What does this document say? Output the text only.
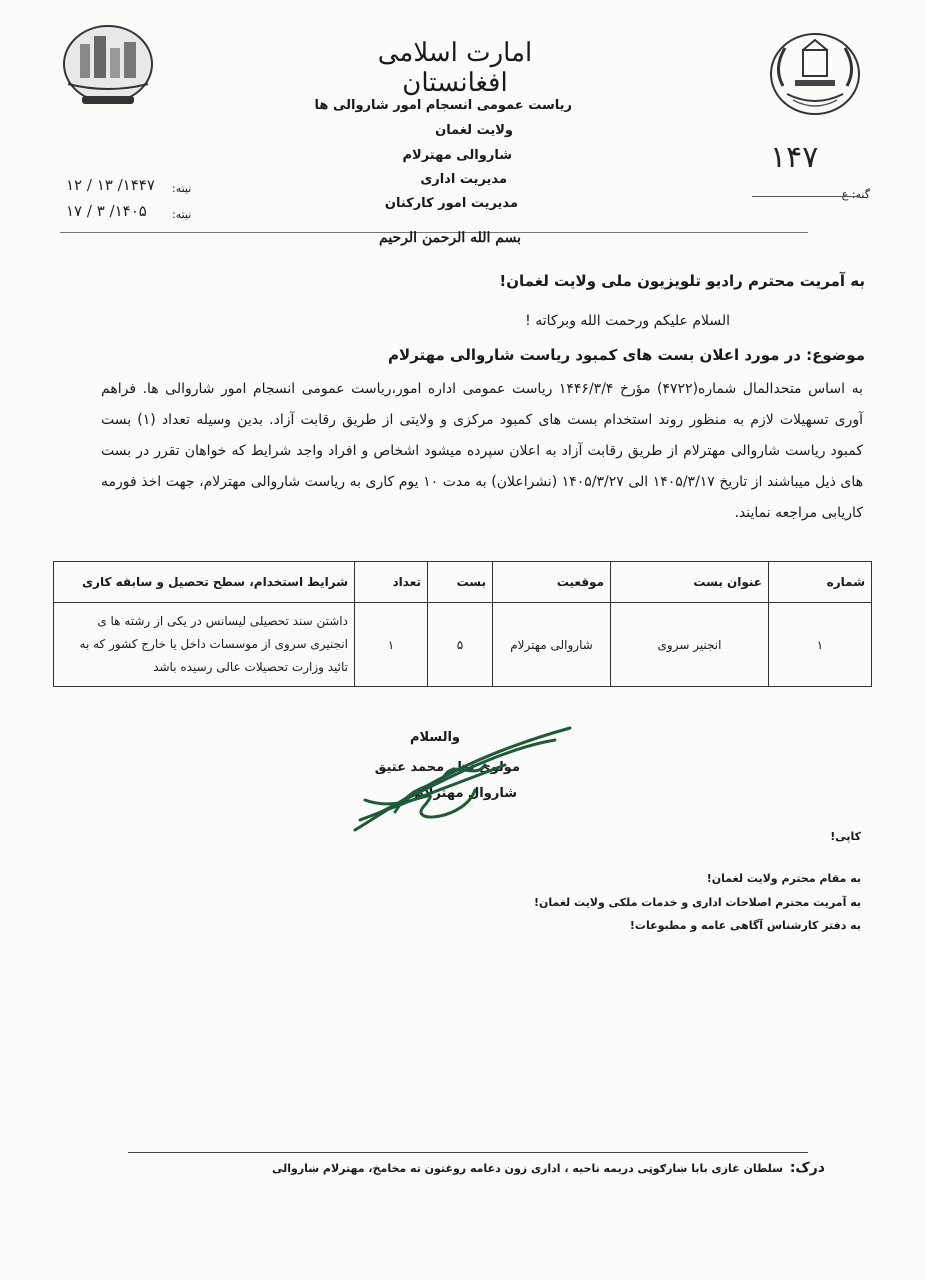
امارت اسلامی افغانستان
ریاست عمومی انسجام امور شاروالی ها
ولایت لغمان
شاروالی مهترلام
مدیریت اداری
مدیریت امور کارکنان
گنه: ع
۱۴۷
نیته:
۱۴۴۷/ ۱۳ / ۱۲
نیته:
۱۴۰۵/ ۳ / ۱۷
بسم الله الرحمن الرحیم
به آمریت محترم رادیو تلویزیون ملی ولایت لغمان!
السلام علیکم ورحمت الله وبرکاته !
موضوع: در مورد اعلان بست های کمبود ریاست شاروالی مهترلام
به اساس متحدالمال شماره(۴۷۲۲) مؤرخ ۱۴۴۶/۳/۴ ریاست عمومی اداره امور،ریاست عمومی انسجام امور شاروالی ها. فراهم آوری تسهیلات لازم به منظور روند استخدام بست های کمبود مرکزی و ولایتی از طریق رقابت آزاد. بدین وسیله تعداد (۱) بست کمبود ریاست شاروالی مهترلام از طریق رقابت آزاد به اعلان سپرده میشود اشخاص و افراد واجد شرایط که خواهان تقرر در بست های ذیل میباشند از تاریخ ۱۴۰۵/۳/۱۷ الی ۱۴۰۵/۳/۲۷ (نشراعلان) به مدت ۱۰ یوم کاری به ریاست شاروالی مهترلام، جهت اخذ فورمه کاریابی مراجعه نمایند.
شماره	عنوان بست	موقعیت	بست	تعداد	شرایط استخدام، سطح تحصیل و سابقه کاری
۱	انجنیر سروی	شاروالی مهترلام	۵	۱	داشتن سند تحصیلی لیسانس در یکی از رشته ها ی انجنیری سروی از موسسات داخل یا خارج کشور که به تائید وزارت تحصیلات عالی رسیده باشد
والسلام
مولوی نظر محمد عتیق
شاروال مهترلام
کاپی!
به مقام محترم ولایت لغمان!
به آمریت محترم اصلاحات اداری و خدمات ملکی ولایت لغمان!
به دفتر کارشناس آگاهی عامه و مطبوعات!
درک:
سلطان غازی بابا ښارګوټی دریمه ناحیه ، اداری زون دعامه روغتون ته مخامخ، مهترلام ښاروالی
